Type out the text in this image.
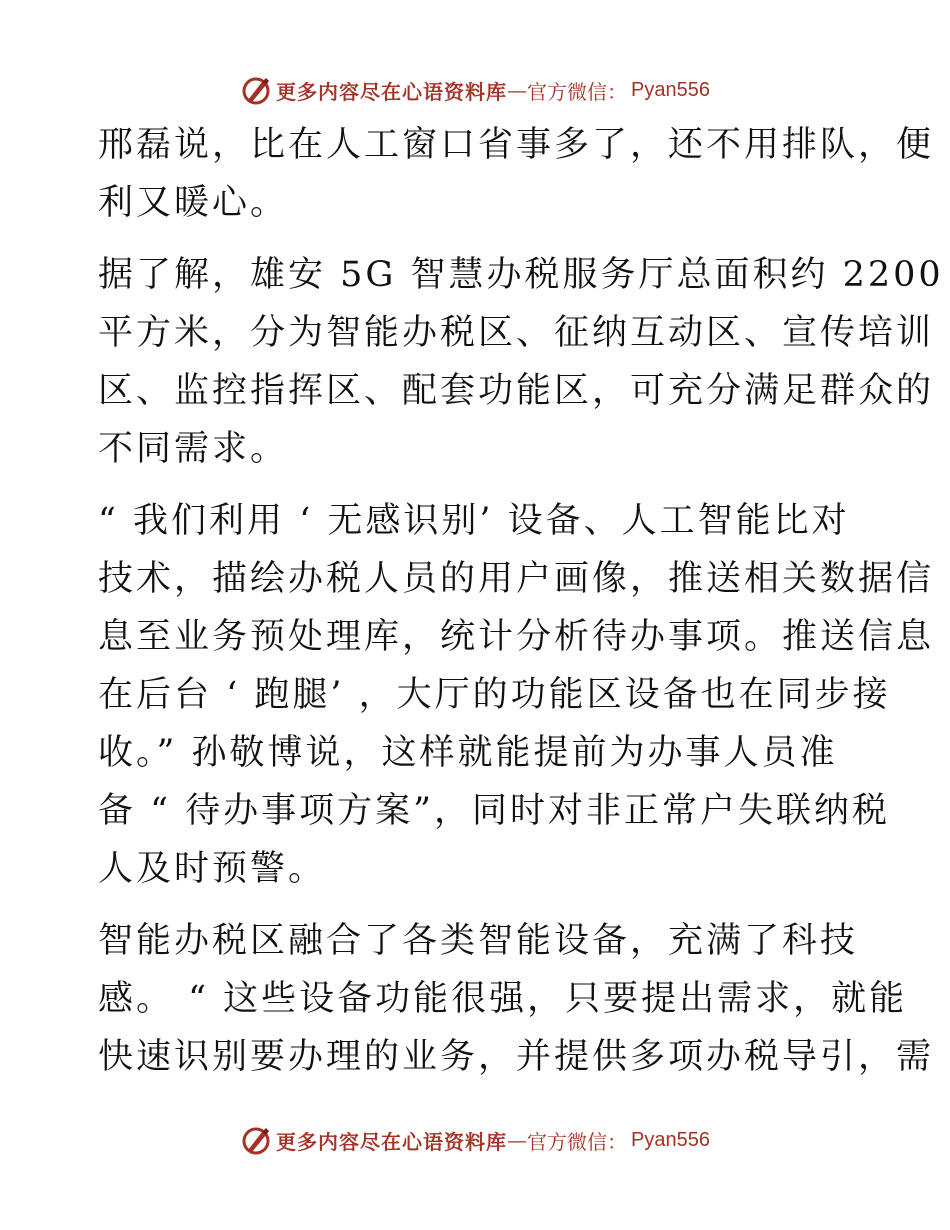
更多内容尽在心语资料库 — 官方微信： Pyan556
邢磊说，比在人工窗口省事多了，还不用排队，便
利又暖心。
据了解，雄安 5G 智慧办税服务厅总面积约 2200
平方米，分为智能办税区、征纳互动区、宣传培训
区、监控指挥区、配套功能区，可充分满足群众的
不同需求。
“ 我们利用 ‘ 无感识别’ 设备、人工智能比对
技术，描绘办税人员的用户画像，推送相关数据信
息至业务预处理库，统计分析待办事项。推送信息
在后台 ‘ 跑腿’ ，大厅的功能区设备也在同步接
收。” 孙敬博说，这样就能提前为办事人员准
备 “ 待办事项方案”，同时对非正常户失联纳税
人及时预警。
智能办税区融合了各类智能设备，充满了科技
感。 “ 这些设备功能很强，只要提出需求，就能
快速识别要办理的业务，并提供多项办税导引，需
更多内容尽在心语资料库 — 官方微信： Pyan556
